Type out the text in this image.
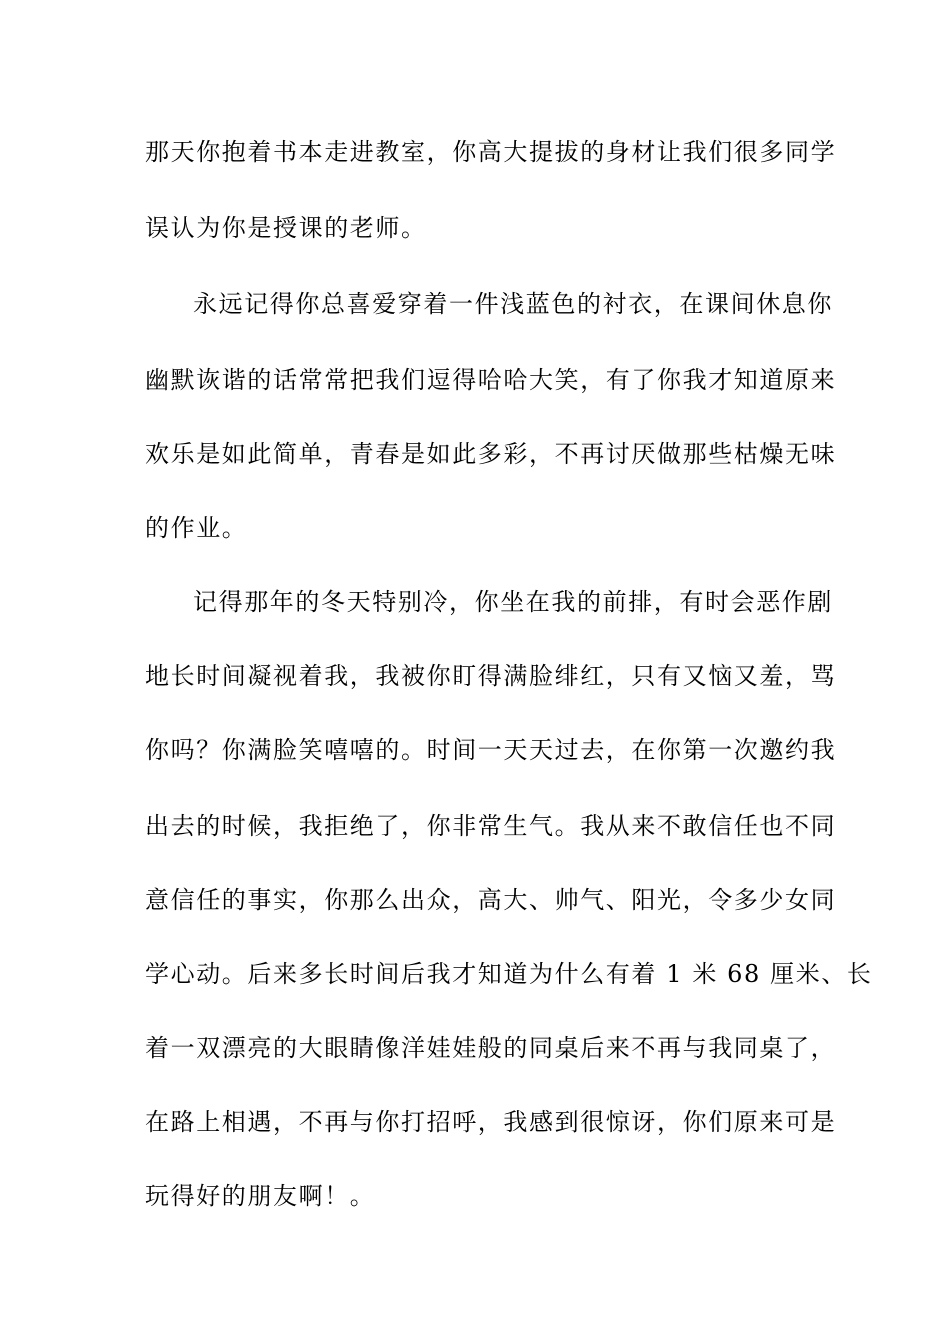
那天你抱着书本走进教室，你高大提拔的身材让我们很多同学

误认为你是授课的老师。

永远记得你总喜爱穿着一件浅蓝色的衬衣，在课间休息你

幽默诙谐的话常常把我们逗得哈哈大笑，有了你我才知道原来

欢乐是如此简单，青春是如此多彩，不再讨厌做那些枯燥无味

的作业。

记得那年的冬天特别冷，你坐在我的前排，有时会恶作剧

地长时间凝视着我，我被你盯得满脸绯红，只有又恼又羞，骂

你吗？你满脸笑嘻嘻的。时间一天天过去，在你第一次邀约我

出去的时候，我拒绝了，你非常生气。我从来不敢信任也不同

意信任的事实，你那么出众，高大、帅气、阳光，令多少女同

学心动。后来多长时间后我才知道为什么有着 1 米 68 厘米、长

着一双漂亮的大眼睛像洋娃娃般的同桌后来不再与我同桌了，

在路上相遇，不再与你打招呼，我感到很惊讶，你们原来可是

玩得好的朋友啊！。
